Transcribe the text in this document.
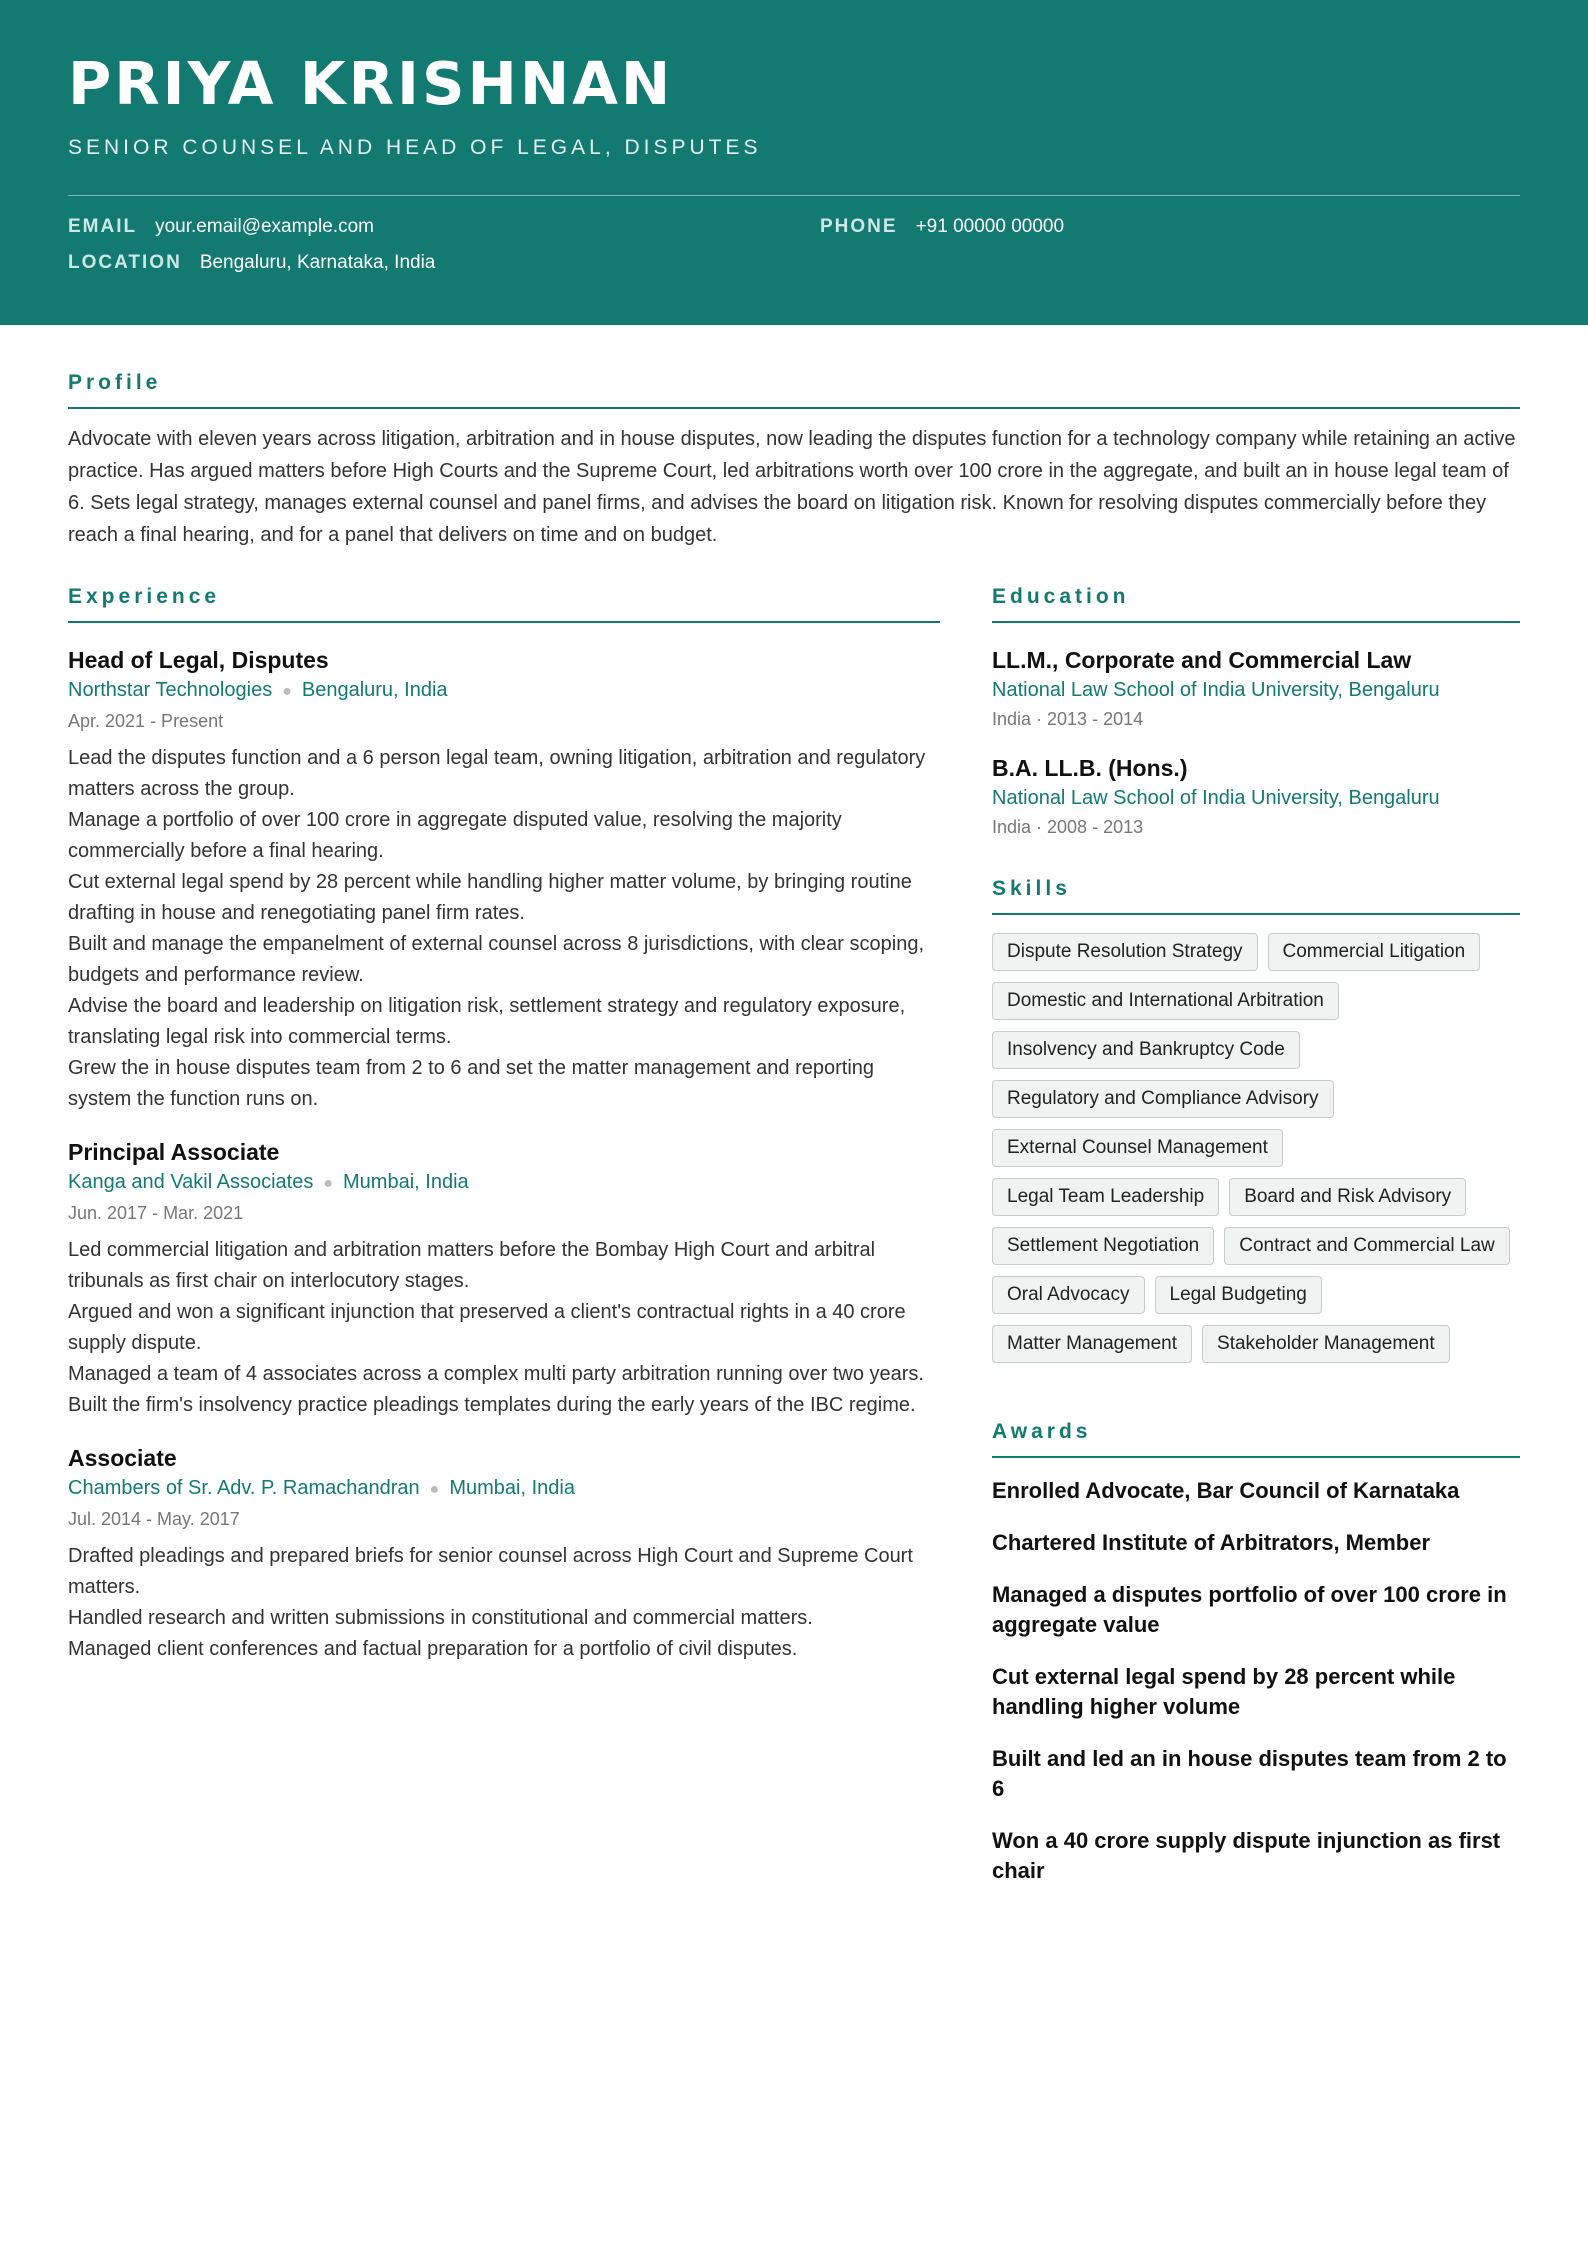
PRIYA KRISHNAN
SENIOR COUNSEL AND HEAD OF LEGAL, DISPUTES
EMAIL your.email@example.com	PHONE +91 00000 00000
LOCATION Bengaluru, Karnataka, India
Profile

Advocate with eleven years across litigation, arbitration and in house disputes, now leading the disputes function for a technology company while retaining an active practice. Has argued matters before High Courts and the Supreme Court, led arbitrations worth over 100 crore in the aggregate, and built an in house legal team of 6. Sets legal strategy, manages external counsel and panel firms, and advises the board on litigation risk. Known for resolving disputes commercially before they reach a final hearing, and for a panel that delivers on time and on budget.

Experience
Head of Legal, Disputes
Northstar Technologies ● Bengaluru, India
Apr. 2021 - Present
Lead the disputes function and a 6 person legal team, owning litigation, arbitration and regulatory matters across the group.
Manage a portfolio of over 100 crore in aggregate disputed value, resolving the majority commercially before a final hearing.
Cut external legal spend by 28 percent while handling higher matter volume, by bringing routine drafting in house and renegotiating panel firm rates.
Built and manage the empanelment of external counsel across 8 jurisdictions, with clear scoping, budgets and performance review.
Advise the board and leadership on litigation risk, settlement strategy and regulatory exposure, translating legal risk into commercial terms.
Grew the in house disputes team from 2 to 6 and set the matter management and reporting system the function runs on.
Principal Associate
Kanga and Vakil Associates ● Mumbai, India
Jun. 2017 - Mar. 2021
Led commercial litigation and arbitration matters before the Bombay High Court and arbitral tribunals as first chair on interlocutory stages.
Argued and won a significant injunction that preserved a client's contractual rights in a 40 crore supply dispute.
Managed a team of 4 associates across a complex multi party arbitration running over two years.
Built the firm's insolvency practice pleadings templates during the early years of the IBC regime.
Associate
Chambers of Sr. Adv. P. Ramachandran ● Mumbai, India
Jul. 2014 - May. 2017
Drafted pleadings and prepared briefs for senior counsel across High Court and Supreme Court matters.
Handled research and written submissions in constitutional and commercial matters.
Managed client conferences and factual preparation for a portfolio of civil disputes.
Education
LL.M., Corporate and Commercial Law
National Law School of India University, Bengaluru
India · 2013 - 2014
B.A. LL.B. (Hons.)
National Law School of India University, Bengaluru
India · 2008 - 2013
Skills
Dispute Resolution Strategy	Commercial Litigation
Domestic and International Arbitration
Insolvency and Bankruptcy Code
Regulatory and Compliance Advisory
External Counsel Management
Legal Team Leadership	Board and Risk Advisory
Settlement Negotiation	Contract and Commercial Law
Oral Advocacy	Legal Budgeting
Matter Management	Stakeholder Management
Awards
Enrolled Advocate, Bar Council of Karnataka
Chartered Institute of Arbitrators, Member
Managed a disputes portfolio of over 100 crore in aggregate value
Cut external legal spend by 28 percent while handling higher volume
Built and led an in house disputes team from 2 to 6
Won a 40 crore supply dispute injunction as first chair
